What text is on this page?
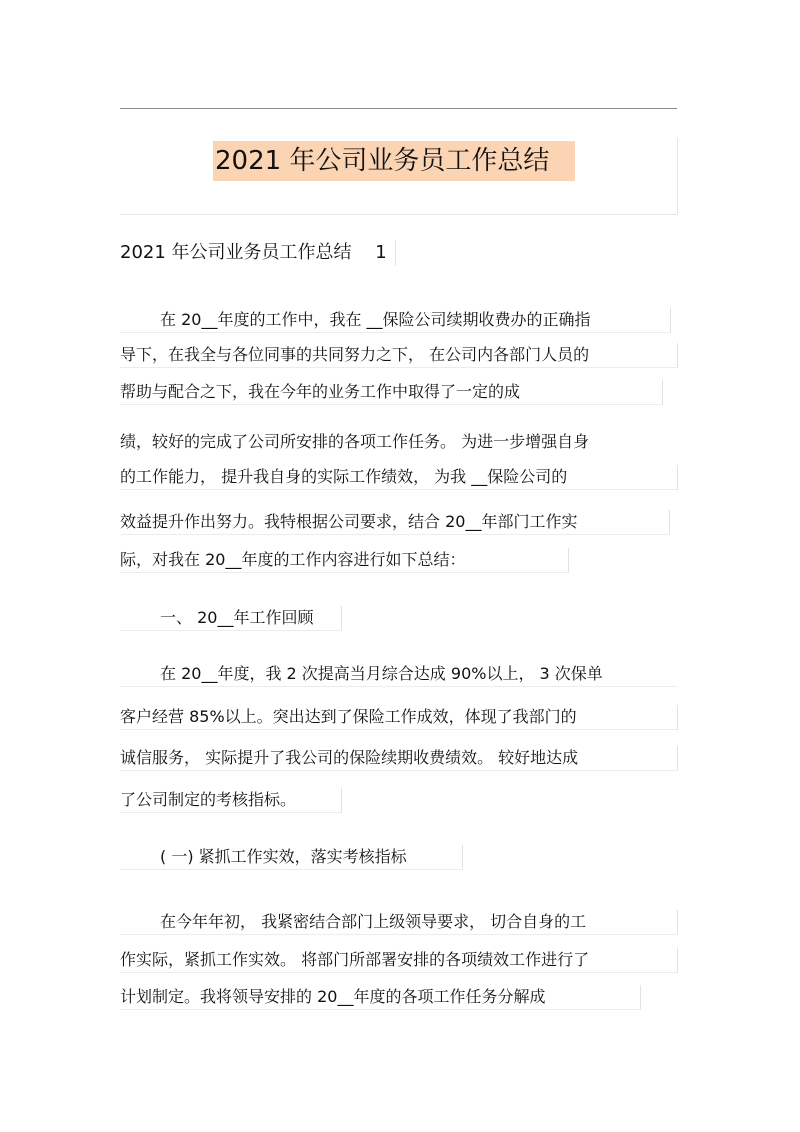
2021 年公司业务员工作总结
2021 年公司业务员工作总结　 1
在 20__年度的工作中，我在 __保险公司续期收费办的正确指
导下，在我全与各位同事的共同努力之下， 在公司内各部门人员的
帮助与配合之下，我在今年的业务工作中取得了一定的成
绩，较好的完成了公司所安排的各项工作任务。 为进一步增强自身
的工作能力， 提升我自身的实际工作绩效， 为我 __保险公司的
效益提升作出努力。我特根据公司要求，结合 20__年部门工作实
际，对我在 20__年度的工作内容进行如下总结：
一、 20__年工作回顾
在 20__年度，我 2 次提高当月综合达成 90%以上， 3 次保单
客户经营 85%以上。突出达到了保险工作成效，体现了我部门的
诚信服务， 实际提升了我公司的保险续期收费绩效。 较好地达成
了公司制定的考核指标。
( 一) 紧抓工作实效，落实考核指标
在今年年初， 我紧密结合部门上级领导要求， 切合自身的工
作实际，紧抓工作实效。 将部门所部署安排的各项绩效工作进行了
计划制定。我将领导安排的 20__年度的各项工作任务分解成
